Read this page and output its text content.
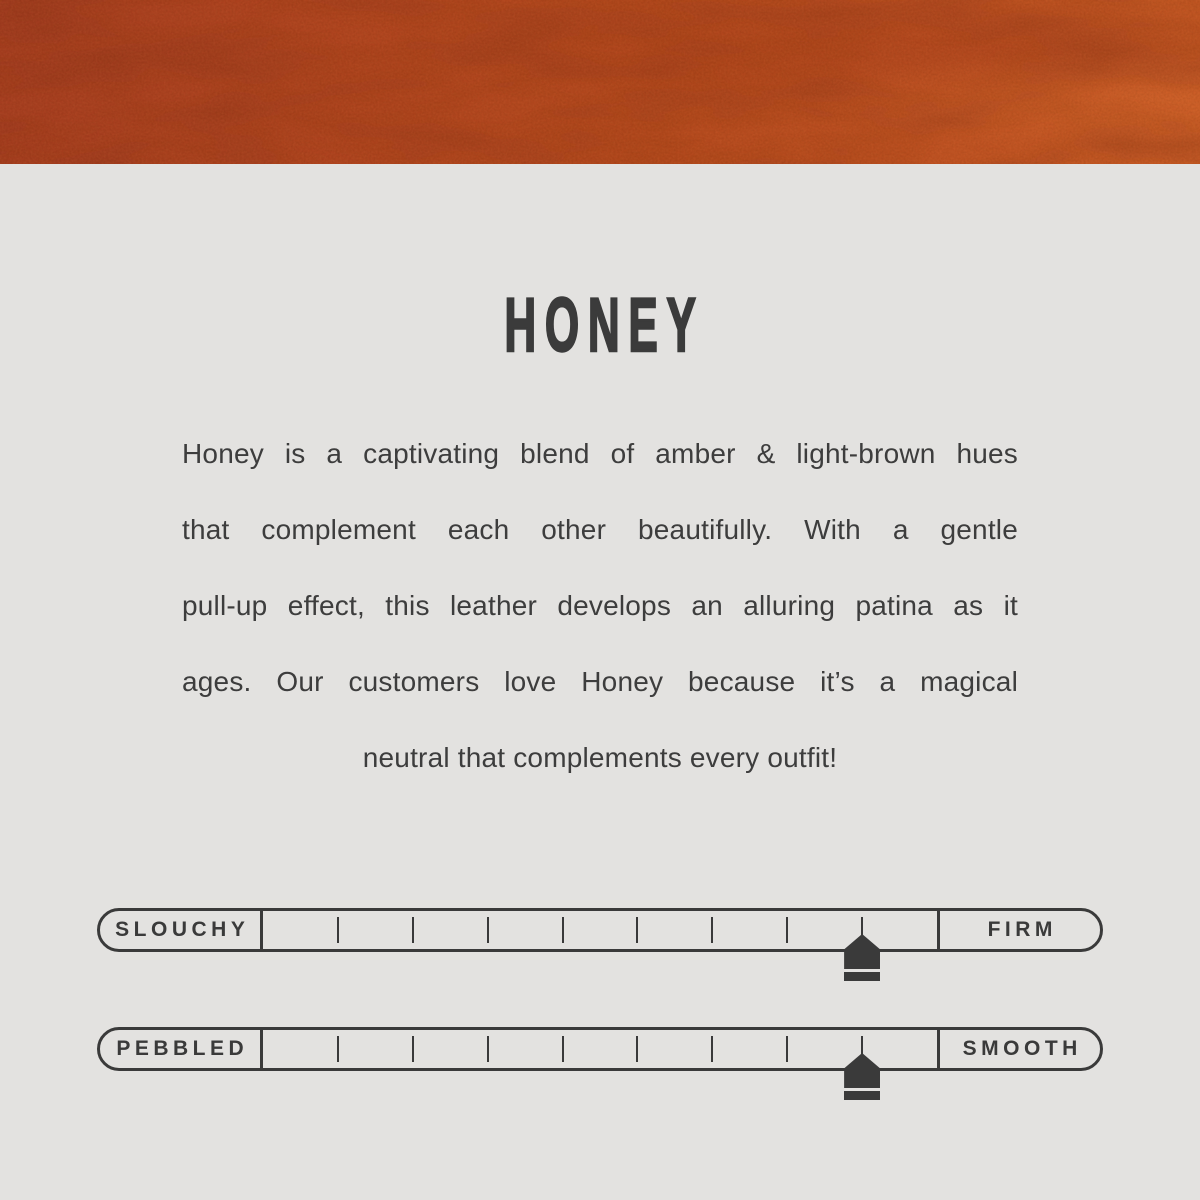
HONEY
Honey is a captivating blend of amber & light-brown hues
that complement each other beautifully. With a gentle
pull-up effect, this leather develops an alluring patina as it
ages. Our customers love Honey because it’s a magical
neutral that complements every outfit!
SLOUCHY	FIRM
PEBBLED	SMOOTH
